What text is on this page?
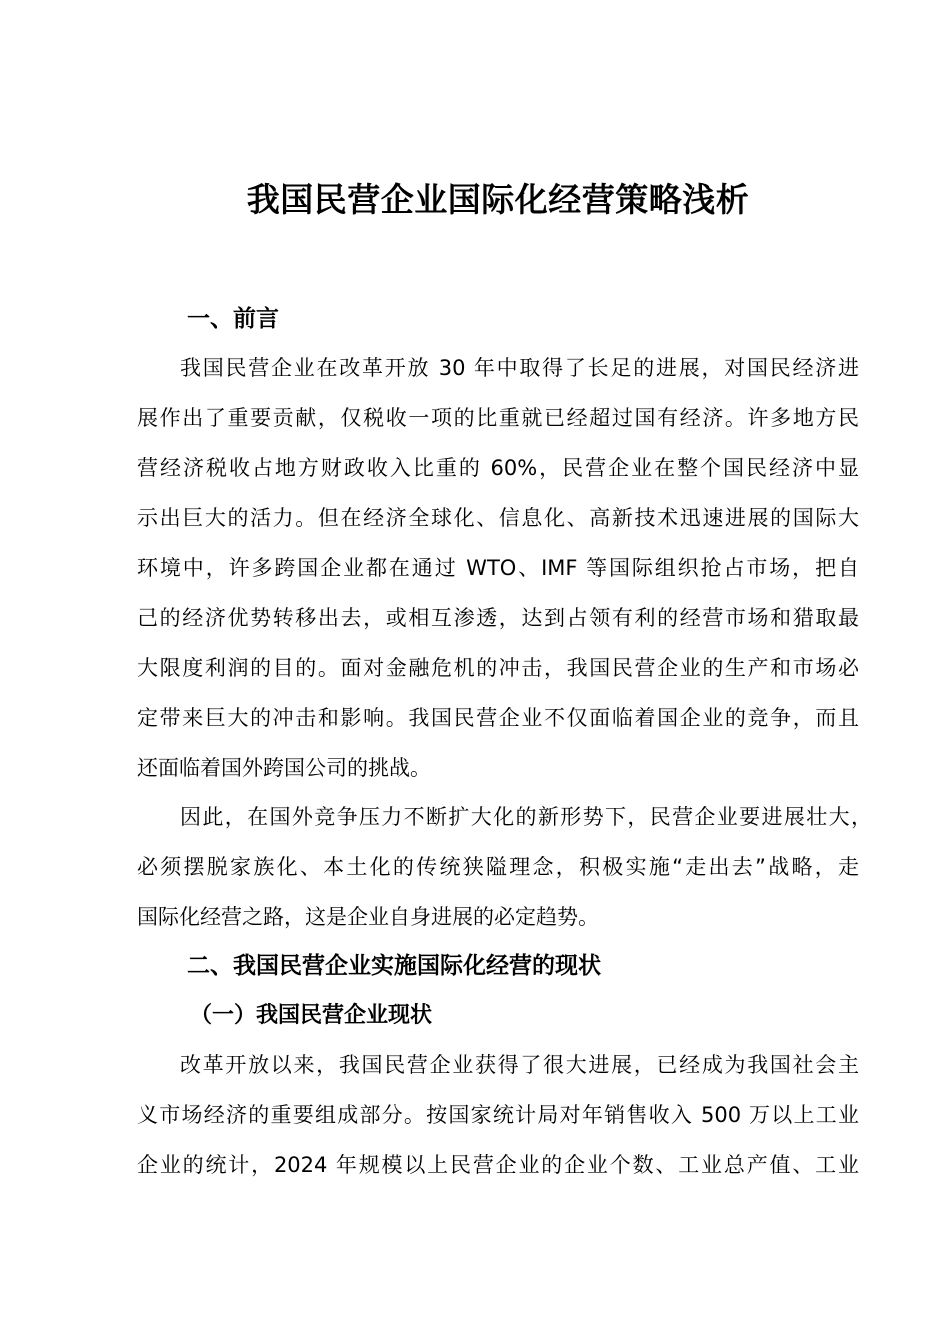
我国民营企业国际化经营策略浅析
一、前言
我国民营企业在改革开放 30 年中取得了长足的进展，对国民经济进
展作出了重要贡献，仅税收一项的比重就已经超过国有经济。许多地方民
营经济税收占地方财政收入比重的 60%，民营企业在整个国民经济中显
示出巨大的活力。但在经济全球化、信息化、高新技术迅速进展的国际大
环境中，许多跨国企业都在通过 WTO、IMF 等国际组织抢占市场，把自
己的经济优势转移出去，或相互渗透，达到占领有利的经营市场和猎取最
大限度利润的目的。面对金融危机的冲击，我国民营企业的生产和市场必
定带来巨大的冲击和影响。我国民营企业不仅面临着国企业的竞争，而且
还面临着国外跨国公司的挑战。
因此，在国外竞争压力不断扩大化的新形势下，民营企业要进展壮大，
必须摆脱家族化、本土化的传统狭隘理念，积极实施“走出去”战略，走
国际化经营之路，这是企业自身进展的必定趋势。
二、我国民营企业实施国际化经营的现状
（一）我国民营企业现状
改革开放以来，我国民营企业获得了很大进展，已经成为我国社会主
义市场经济的重要组成部分。按国家统计局对年销售收入 500 万以上工业
企业的统计，2024 年规模以上民营企业的企业个数、工业总产值、工业
